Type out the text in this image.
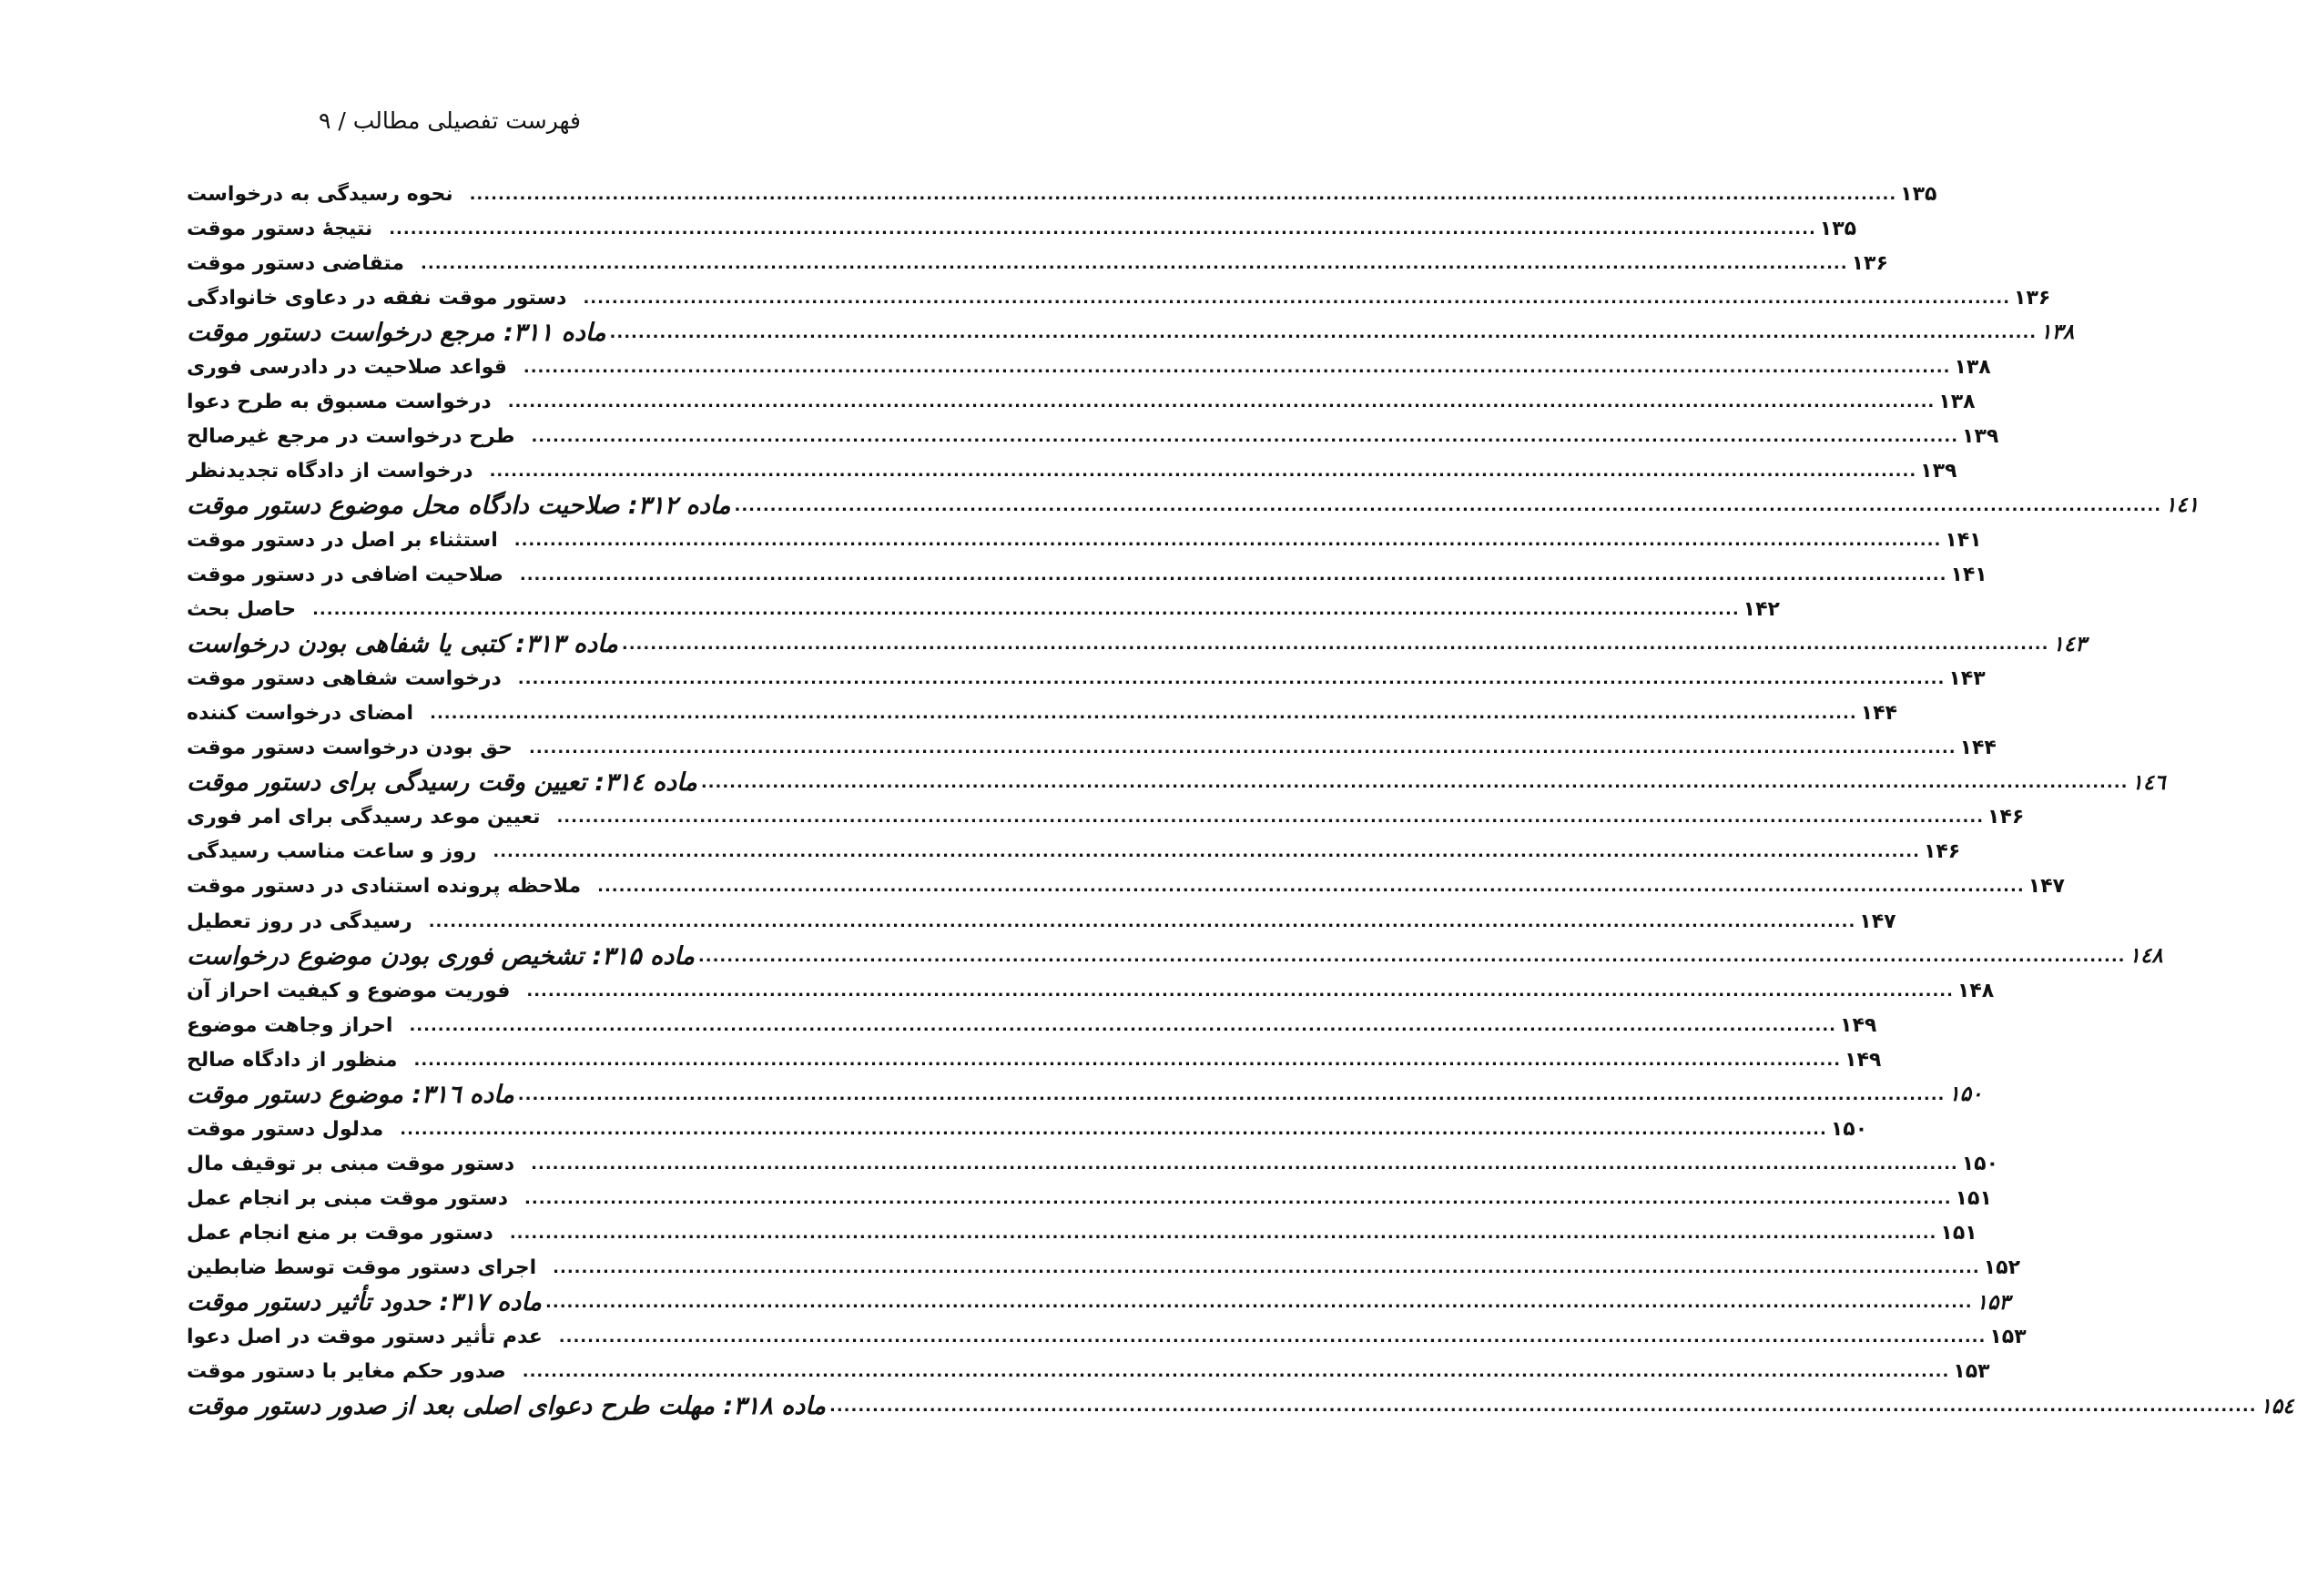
فهرست تفصیلی مطالب / ۹
نحوه رسیدگی به درخواست ........................................................................................................................................................................................................ ۱۳۵
نتیجهٔ دستور موقت ........................................................................................................................................................................................................ ۱۳۵
متقاضی دستور موقت ........................................................................................................................................................................................................ ۱۳۶
دستور موقت نفقه در دعاوی خانوادگی ........................................................................................................................................................................................................ ۱۳۶
ماده ۳۱۱: مرجع درخواست دستور موقت ........................................................................................................................................................................................................ ۱۳۸
قواعد صلاحیت در دادرسی فوری ........................................................................................................................................................................................................ ۱۳۸
درخواست مسبوق به طرح دعوا ........................................................................................................................................................................................................ ۱۳۸
طرح درخواست در مرجع غیرصالح ........................................................................................................................................................................................................ ۱۳۹
درخواست از دادگاه تجدیدنظر ........................................................................................................................................................................................................ ۱۳۹
ماده ۳۱۲: صلاحیت دادگاه محل موضوع دستور موقت ........................................................................................................................................................................................................ ۱٤۱
استثناء بر اصل در دستور موقت ........................................................................................................................................................................................................ ۱۴۱
صلاحیت اضافی در دستور موقت ........................................................................................................................................................................................................ ۱۴۱
حاصل بحث ........................................................................................................................................................................................................ ۱۴۲
ماده ۳۱۳: کتبی یا شفاهی بودن درخواست ........................................................................................................................................................................................................ ۱٤۳
درخواست شفاهی دستور موقت ........................................................................................................................................................................................................ ۱۴۳
امضای درخواست کننده ........................................................................................................................................................................................................ ۱۴۴
حق بودن درخواست دستور موقت ........................................................................................................................................................................................................ ۱۴۴
ماده ۳۱٤: تعیین وقت رسیدگی برای دستور موقت ........................................................................................................................................................................................................ ۱٤٦
تعیین موعد رسیدگی برای امر فوری ........................................................................................................................................................................................................ ۱۴۶
روز و ساعت مناسب رسیدگی ........................................................................................................................................................................................................ ۱۴۶
ملاحظه پرونده استنادی در دستور موقت ........................................................................................................................................................................................................ ۱۴۷
رسیدگی در روز تعطیل ........................................................................................................................................................................................................ ۱۴۷
ماده ۳۱۵: تشخیص فوری بودن موضوع درخواست ........................................................................................................................................................................................................ ۱٤۸
فوریت موضوع و کیفیت احراز آن ........................................................................................................................................................................................................ ۱۴۸
احراز وجاهت موضوع ........................................................................................................................................................................................................ ۱۴۹
منظور از دادگاه صالح ........................................................................................................................................................................................................ ۱۴۹
ماده ۳۱٦: موضوع دستور موقت ........................................................................................................................................................................................................ ۱۵۰
مدلول دستور موقت ........................................................................................................................................................................................................ ۱۵۰
دستور موقت مبنی بر توقیف مال ........................................................................................................................................................................................................ ۱۵۰
دستور موقت مبنی بر انجام عمل ........................................................................................................................................................................................................ ۱۵۱
دستور موقت بر منع انجام عمل ........................................................................................................................................................................................................ ۱۵۱
اجرای دستور موقت توسط ضابطین ........................................................................................................................................................................................................ ۱۵۲
ماده ۳۱۷: حدود تأثیر دستور موقت ........................................................................................................................................................................................................ ۱۵۳
عدم تأثیر دستور موقت در اصل دعوا ........................................................................................................................................................................................................ ۱۵۳
صدور حکم مغایر با دستور موقت ........................................................................................................................................................................................................ ۱۵۳
ماده ۳۱۸: مهلت طرح دعوای اصلی بعد از صدور دستور موقت ........................................................................................................................................................................................................ ۱۵٤
